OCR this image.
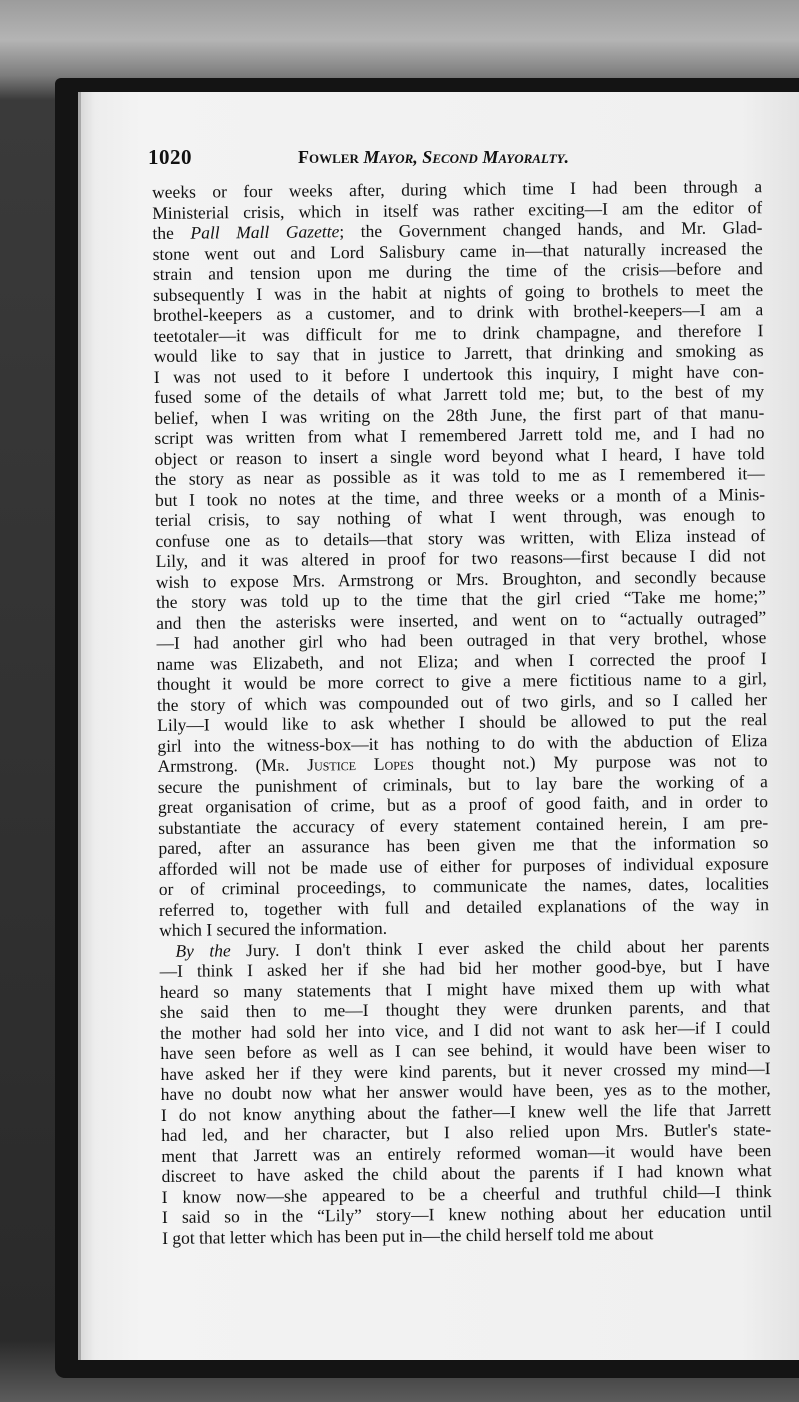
1020	Fowler Mayor, Second Mayoralty.
weeks or four weeks after, during which time I had been through a
Ministerial crisis, which in itself was rather exciting—I am the editor of
the Pall Mall Gazette; the Government changed hands, and Mr. Glad-
stone went out and Lord Salisbury came in—that naturally increased the
strain and tension upon me during the time of the crisis—before and
subsequently I was in the habit at nights of going to brothels to meet the
brothel-keepers as a customer, and to drink with brothel-keepers—I am a
teetotaler—it was difficult for me to drink champagne, and therefore I
would like to say that in justice to Jarrett, that drinking and smoking as
I was not used to it before I undertook this inquiry, I might have con-
fused some of the details of what Jarrett told me; but, to the best of my
belief, when I was writing on the 28th June, the first part of that manu-
script was written from what I remembered Jarrett told me, and I had no
object or reason to insert a single word beyond what I heard, I have told
the story as near as possible as it was told to me as I remembered it—
but I took no notes at the time, and three weeks or a month of a Minis-
terial crisis, to say nothing of what I went through, was enough to
confuse one as to details—that story was written, with Eliza instead of
Lily, and it was altered in proof for two reasons—first because I did not
wish to expose Mrs. Armstrong or Mrs. Broughton, and secondly because
the story was told up to the time that the girl cried “Take me home;”
and then the asterisks were inserted, and went on to “actually outraged”
—I had another girl who had been outraged in that very brothel, whose
name was Elizabeth, and not Eliza; and when I corrected the proof I
thought it would be more correct to give a mere fictitious name to a girl,
the story of which was compounded out of two girls, and so I called her
Lily—I would like to ask whether I should be allowed to put the real
girl into the witness-box—it has nothing to do with the abduction of Eliza
Armstrong. (Mr. Justice Lopes thought not.) My purpose was not to
secure the punishment of criminals, but to lay bare the working of a
great organisation of crime, but as a proof of good faith, and in order to
substantiate the accuracy of every statement contained herein, I am pre-
pared, after an assurance has been given me that the information so
afforded will not be made use of either for purposes of individual exposure
or of criminal proceedings, to communicate the names, dates, localities
referred to, together with full and detailed explanations of the way in
which I secured the information.
By the Jury. I don't think I ever asked the child about her parents
—I think I asked her if she had bid her mother good-bye, but I have
heard so many statements that I might have mixed them up with what
she said then to me—I thought they were drunken parents, and that
the mother had sold her into vice, and I did not want to ask her—if I could
have seen before as well as I can see behind, it would have been wiser to
have asked her if they were kind parents, but it never crossed my mind—I
have no doubt now what her answer would have been, yes as to the mother,
I do not know anything about the father—I knew well the life that Jarrett
had led, and her character, but I also relied upon Mrs. Butler's state-
ment that Jarrett was an entirely reformed woman—it would have been
discreet to have asked the child about the parents if I had known what
I know now—she appeared to be a cheerful and truthful child—I think
I said so in the “Lily” story—I knew nothing about her education until
I got that letter which has been put in—the child herself told me about
